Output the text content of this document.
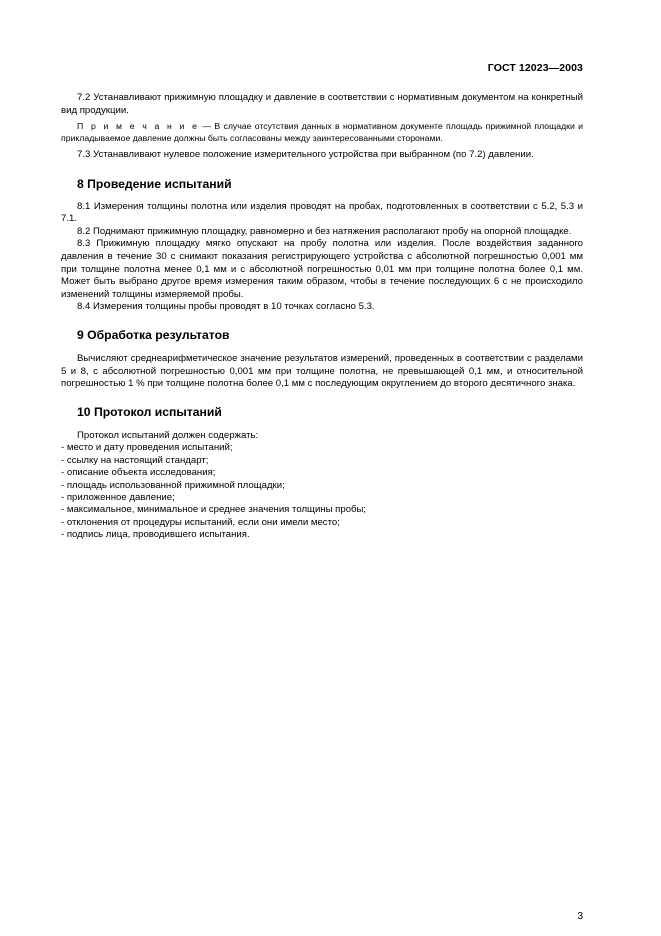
ГОСТ 12023—2003

7.2 Устанавливают прижимную площадку и давление в соответствии с нормативным документом на конкретный вид продукции.

П р и м е ч а н и е — В случае отсутствия данных в нормативном документе площадь прижимной площадки и прикладываемое давление должны быть согласованы между заинтересованными сторонами.

7.3 Устанавливают нулевое положение измерительного устройства при выбранном (по 7.2) давлении.

8 Проведение испытаний

8.1 Измерения толщины полотна или изделия проводят на пробах, подготовленных в соответствии с 5.2, 5.3 и 7.1.

8.2 Поднимают прижимную площадку, равномерно и без натяжения располагают пробу на опорной площадке.

8.3 Прижимную площадку мягко опускают на пробу полотна или изделия. После воздействия заданного давления в течение 30 с снимают показания регистрирующего устройства с абсолютной погрешностью 0,001 мм при толщине полотна менее 0,1 мм и с абсолютной погрешностью 0,01 мм при толщине полотна более 0,1 мм. Может быть выбрано другое время измерения таким образом, чтобы в течение последующих 6 с не происходило изменений толщины измеряемой пробы.

8.4 Измерения толщины пробы проводят в 10 точках согласно 5.3.

9 Обработка результатов

Вычисляют среднеарифметическое значение результатов измерений, проведенных в соответствии с разделами 5 и 8, с абсолютной погрешностью 0,001 мм при толщине полотна, не превышающей 0,1 мм, и относительной погрешностью 1 % при толщине полотна более 0,1 мм с последующим округлением до второго десятичного знака.

10 Протокол испытаний

Протокол испытаний должен содержать:

- место и дату проведения испытаний;
- ссылку на настоящий стандарт;
- описание объекта исследования;
- площадь использованной прижимной площадки;
- приложенное давление;
- максимальное, минимальное и среднее значения толщины пробы;
- отклонения от процедуры испытаний, если они имели место;
- подпись лица, проводившего испытания.
3
